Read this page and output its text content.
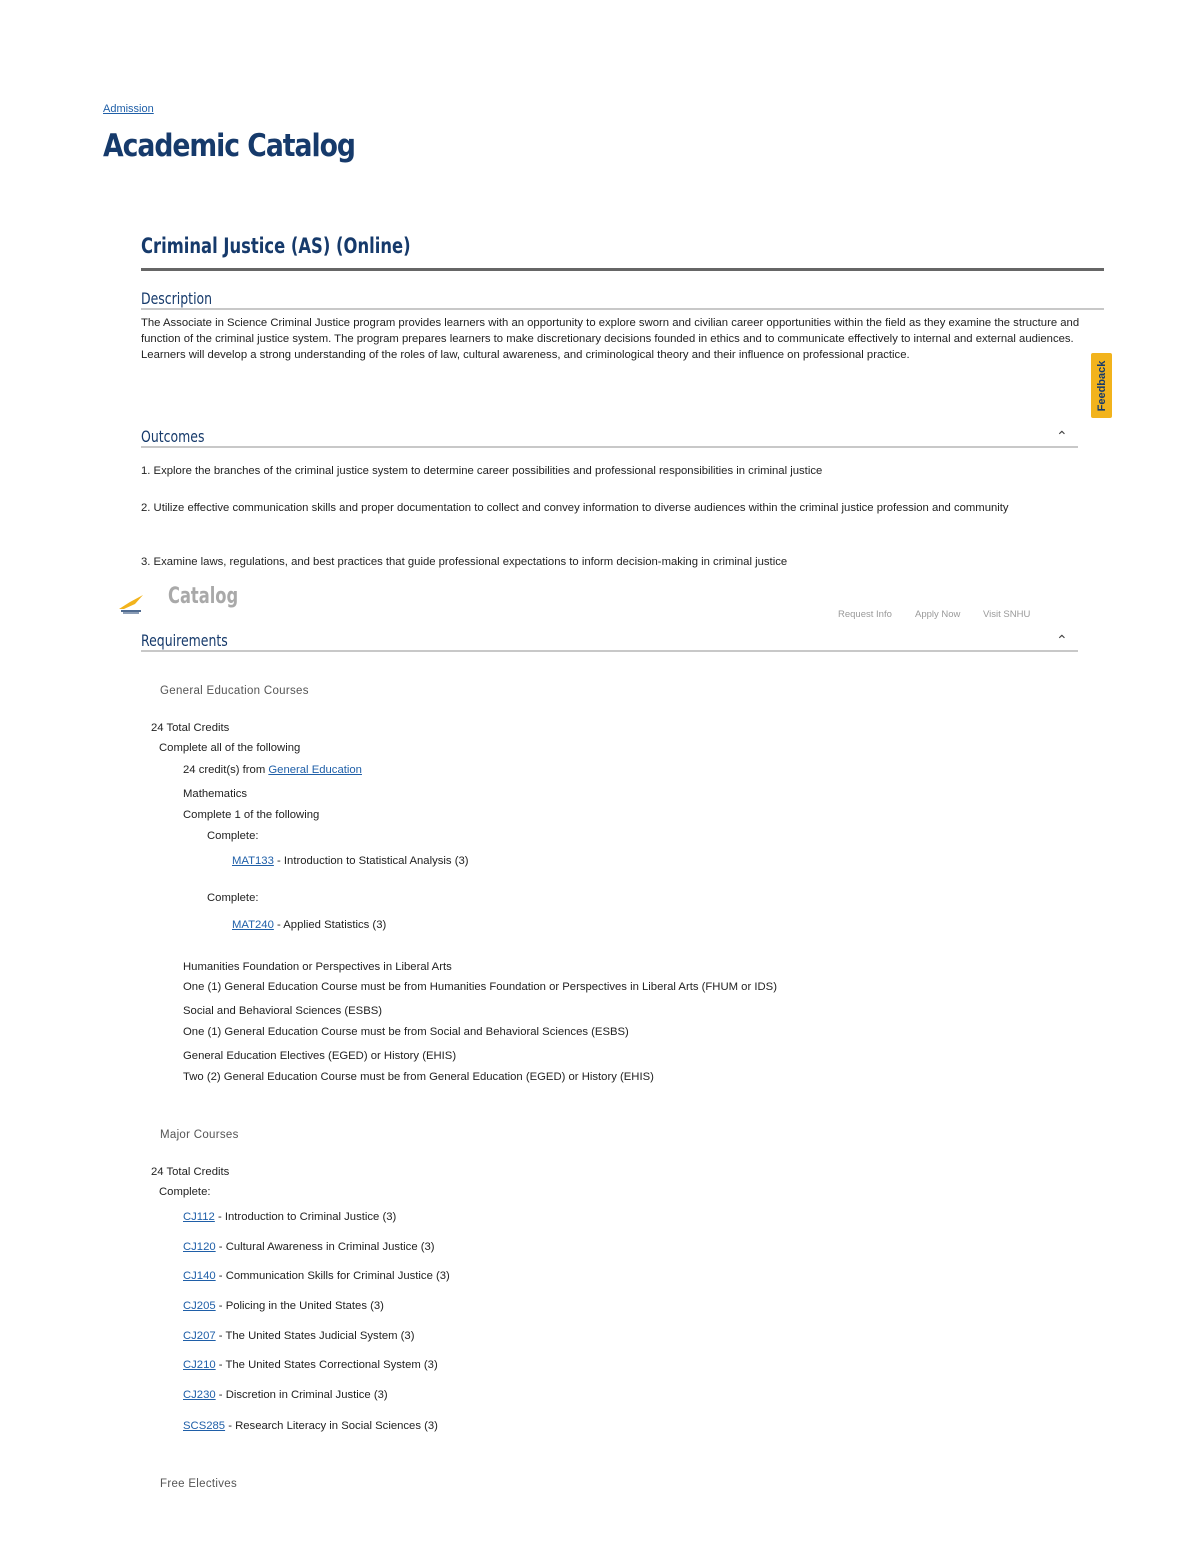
Admission
Academic Catalog
Criminal Justice (AS) (Online)
Description

The Associate in Science Criminal Justice program provides learners with an opportunity to explore sworn and civilian career opportunities within the field as they examine the structure and function of the criminal justice system. The program prepares learners to make discretionary decisions founded in ethics and to communicate effectively to internal and external audiences. Learners will develop a strong understanding of the roles of law, cultural awareness, and criminological theory and their influence on professional practice.

Feedback
Outcomes	⌃

1. Explore the branches of the criminal justice system to determine career possibilities and professional responsibilities in criminal justice

2. Utilize effective communication skills and proper documentation to collect and convey information to diverse audiences within the criminal justice profession and community

3. Examine laws, regulations, and best practices that guide professional expectations to inform decision-making in criminal justice

Catalog
Request Info Apply Now Visit SNHU
Requirements	⌃
General Education Courses
24 Total Credits
Complete all of the following
24 credit(s) from General Education
Mathematics
Complete 1 of the following
Complete:
MAT133 - Introduction to Statistical Analysis (3)
Complete:
MAT240 - Applied Statistics (3)
Humanities Foundation or Perspectives in Liberal Arts
One (1) General Education Course must be from Humanities Foundation or Perspectives in Liberal Arts (FHUM or IDS)
Social and Behavioral Sciences (ESBS)
One (1) General Education Course must be from Social and Behavioral Sciences (ESBS)
General Education Electives (EGED) or History (EHIS)
Two (2) General Education Course must be from General Education (EGED) or History (EHIS)
Major Courses
24 Total Credits
Complete:
CJ112 - Introduction to Criminal Justice (3)
CJ120 - Cultural Awareness in Criminal Justice (3)
CJ140 - Communication Skills for Criminal Justice (3)
CJ205 - Policing in the United States (3)
CJ207 - The United States Judicial System (3)
CJ210 - The United States Correctional System (3)
CJ230 - Discretion in Criminal Justice (3)
SCS285 - Research Literacy in Social Sciences (3)
Free Electives
